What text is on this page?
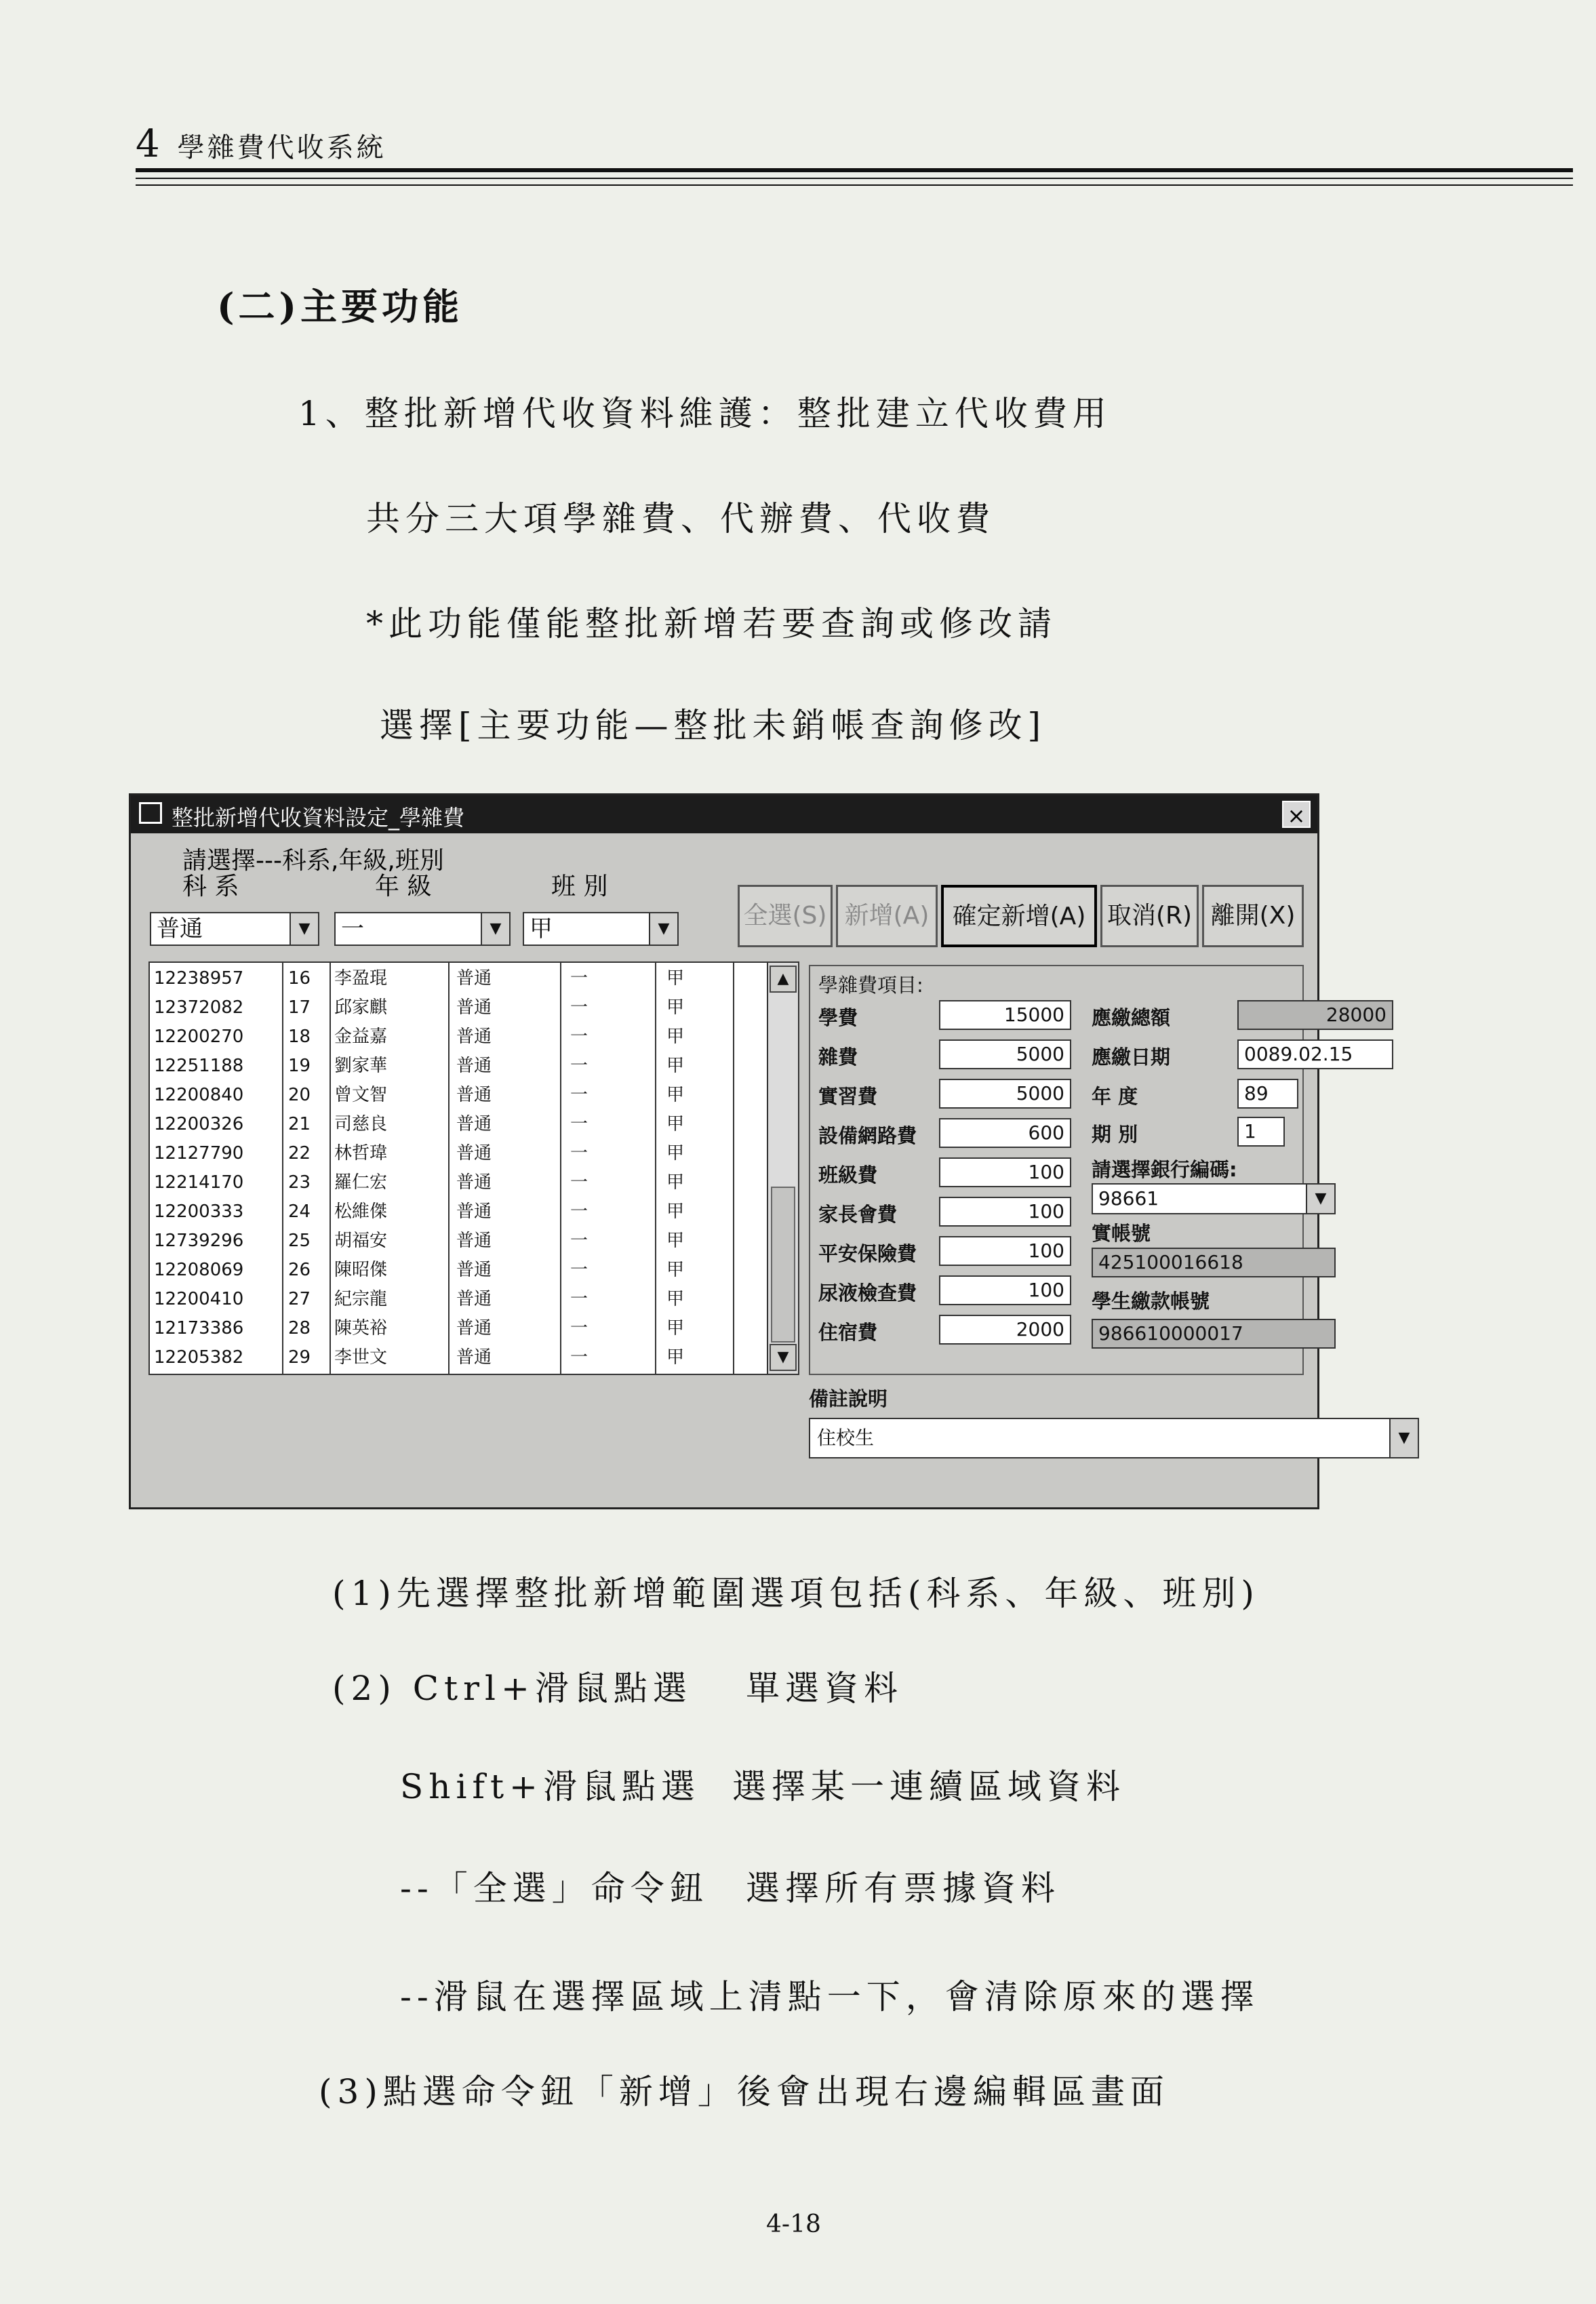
4 學雜費代收系統
(二)主要功能
1、整批新增代收資料維護：整批建立代收費用
共分三大項學雜費、代辦費、代收費
*此功能僅能整批新增若要查詢或修改請
選擇[主要功能—整批未銷帳查詢修改]
整批新增代收資料設定_學雜費	×
請選擇---科系,年級,班別
科 系	年 級	班 別
普通	▼	一	▼	甲	▼	全選(S) 新增(A) 確定新增(A) 取消(R) 離開(X)
12238957	16 李盈琨	普通	一	甲
12372082	17 邱家麒	普通	一	甲
12200270	18 金益嘉	普通	一	甲
12251188	19 劉家華	普通	一	甲
12200840	20 曾文智	普通	一	甲
12200326	21 司慈良	普通	一	甲
12127790	22 林哲瑋	普通	一	甲
12214170	23 羅仁宏	普通	一	甲
12200333	24 松維傑	普通	一	甲
12739296	25 胡福安	普通	一	甲
12208069	26 陳昭傑	普通	一	甲
12200410	27 紀宗龍	普通	一	甲
12173386	28 陳英裕	普通	一	甲
12205382	29 李世文	普通	一	甲
▲
▼
學雜費項目:
學費	15000
雜費	5000
實習費	5000
設備網路費	600
班級費	100
家長會費	100
平安保險費	100
尿液檢查費	100
住宿費	2000
應繳總額	28000
應繳日期	0089.02.15
年 度	89
期 別	1
請選擇銀行編碼:
98661	▼
實帳號
425100016618
學生繳款帳號
986610000017
備註說明
住校生	▼
(1)先選擇整批新增範圍選項包括(科系、年級、班別)
(2) Ctrl+滑鼠點選 單選資料
Shift+滑鼠點選 選擇某一連續區域資料
--「全選」命令鈕 選擇所有票據資料
--滑鼠在選擇區域上清點一下，會清除原來的選擇
(3)點選命令鈕「新增」後會出現右邊編輯區畫面
4-18
